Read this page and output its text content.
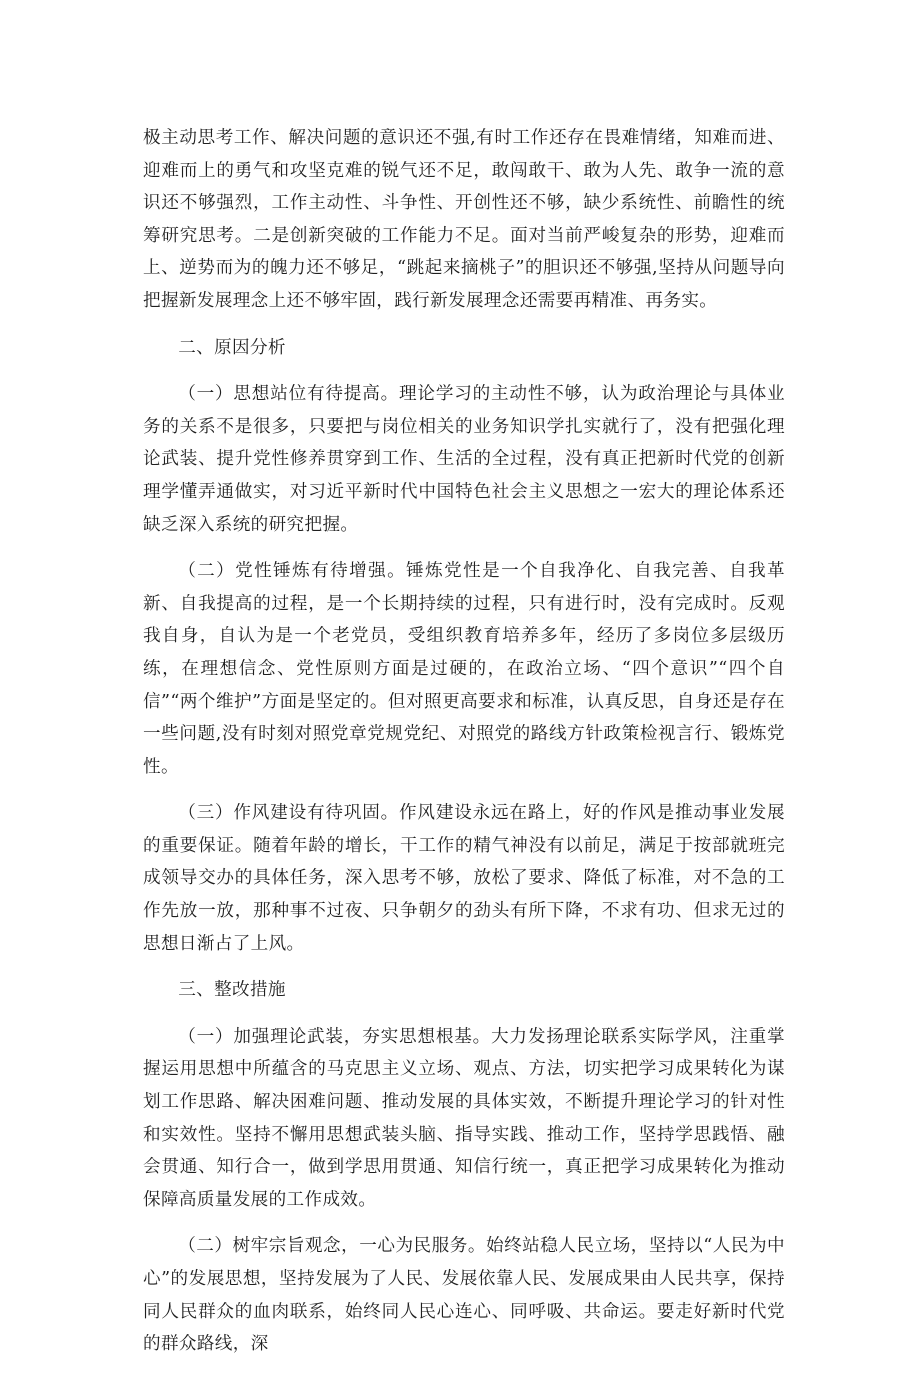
极主动思考工作、解决问题的意识还不强,有时工作还存在畏难情绪，知难而进、迎难而上的勇气和攻坚克难的锐气还不足，敢闯敢干、敢为人先、敢争一流的意识还不够强烈，工作主动性、斗争性、开创性还不够，缺少系统性、前瞻性的统筹研究思考。二是创新突破的工作能力不足。面对当前严峻复杂的形势，迎难而上、逆势而为的魄力还不够足，“跳起来摘桃子”的胆识还不够强,坚持从问题导向把握新发展理念上还不够牢固，践行新发展理念还需要再精准、再务实。

二、原因分析

（一）思想站位有待提高。理论学习的主动性不够，认为政治理论与具体业务的关系不是很多，只要把与岗位相关的业务知识学扎实就行了，没有把强化理论武装、提升党性修养贯穿到工作、生活的全过程，没有真正把新时代党的创新理学懂弄通做实，对习近平新时代中国特色社会主义思想之一宏大的理论体系还缺乏深入系统的研究把握。

（二）党性锤炼有待增强。锤炼党性是一个自我净化、自我完善、自我革新、自我提高的过程，是一个长期持续的过程，只有进行时，没有完成时。反观我自身，自认为是一个老党员，受组织教育培养多年，经历了多岗位多层级历练，在理想信念、党性原则方面是过硬的，在政治立场、“四个意识”“四个自信”“两个维护”方面是坚定的。但对照更高要求和标准，认真反思，自身还是存在一些问题,没有时刻对照党章党规党纪、对照党的路线方针政策检视言行、锻炼党性。

（三）作风建设有待巩固。作风建设永远在路上，好的作风是推动事业发展的重要保证。随着年龄的增长，干工作的精气神没有以前足，满足于按部就班完成领导交办的具体任务，深入思考不够，放松了要求、降低了标准，对不急的工作先放一放，那种事不过夜、只争朝夕的劲头有所下降，不求有功、但求无过的思想日渐占了上风。

三、整改措施

（一）加强理论武装，夯实思想根基。大力发扬理论联系实际学风，注重掌握运用思想中所蕴含的马克思主义立场、观点、方法，切实把学习成果转化为谋划工作思路、解决困难问题、推动发展的具体实效，不断提升理论学习的针对性和实效性。坚持不懈用思想武装头脑、指导实践、推动工作，坚持学思践悟、融会贯通、知行合一，做到学思用贯通、知信行统一，真正把学习成果转化为推动保障高质量发展的工作成效。

（二）树牢宗旨观念，一心为民服务。始终站稳人民立场，坚持以“人民为中心”的发展思想，坚持发展为了人民、发展依靠人民、发展成果由人民共享，保持同人民群众的血肉联系，始终同人民心连心、同呼吸、共命运。要走好新时代党的群众路线，深
